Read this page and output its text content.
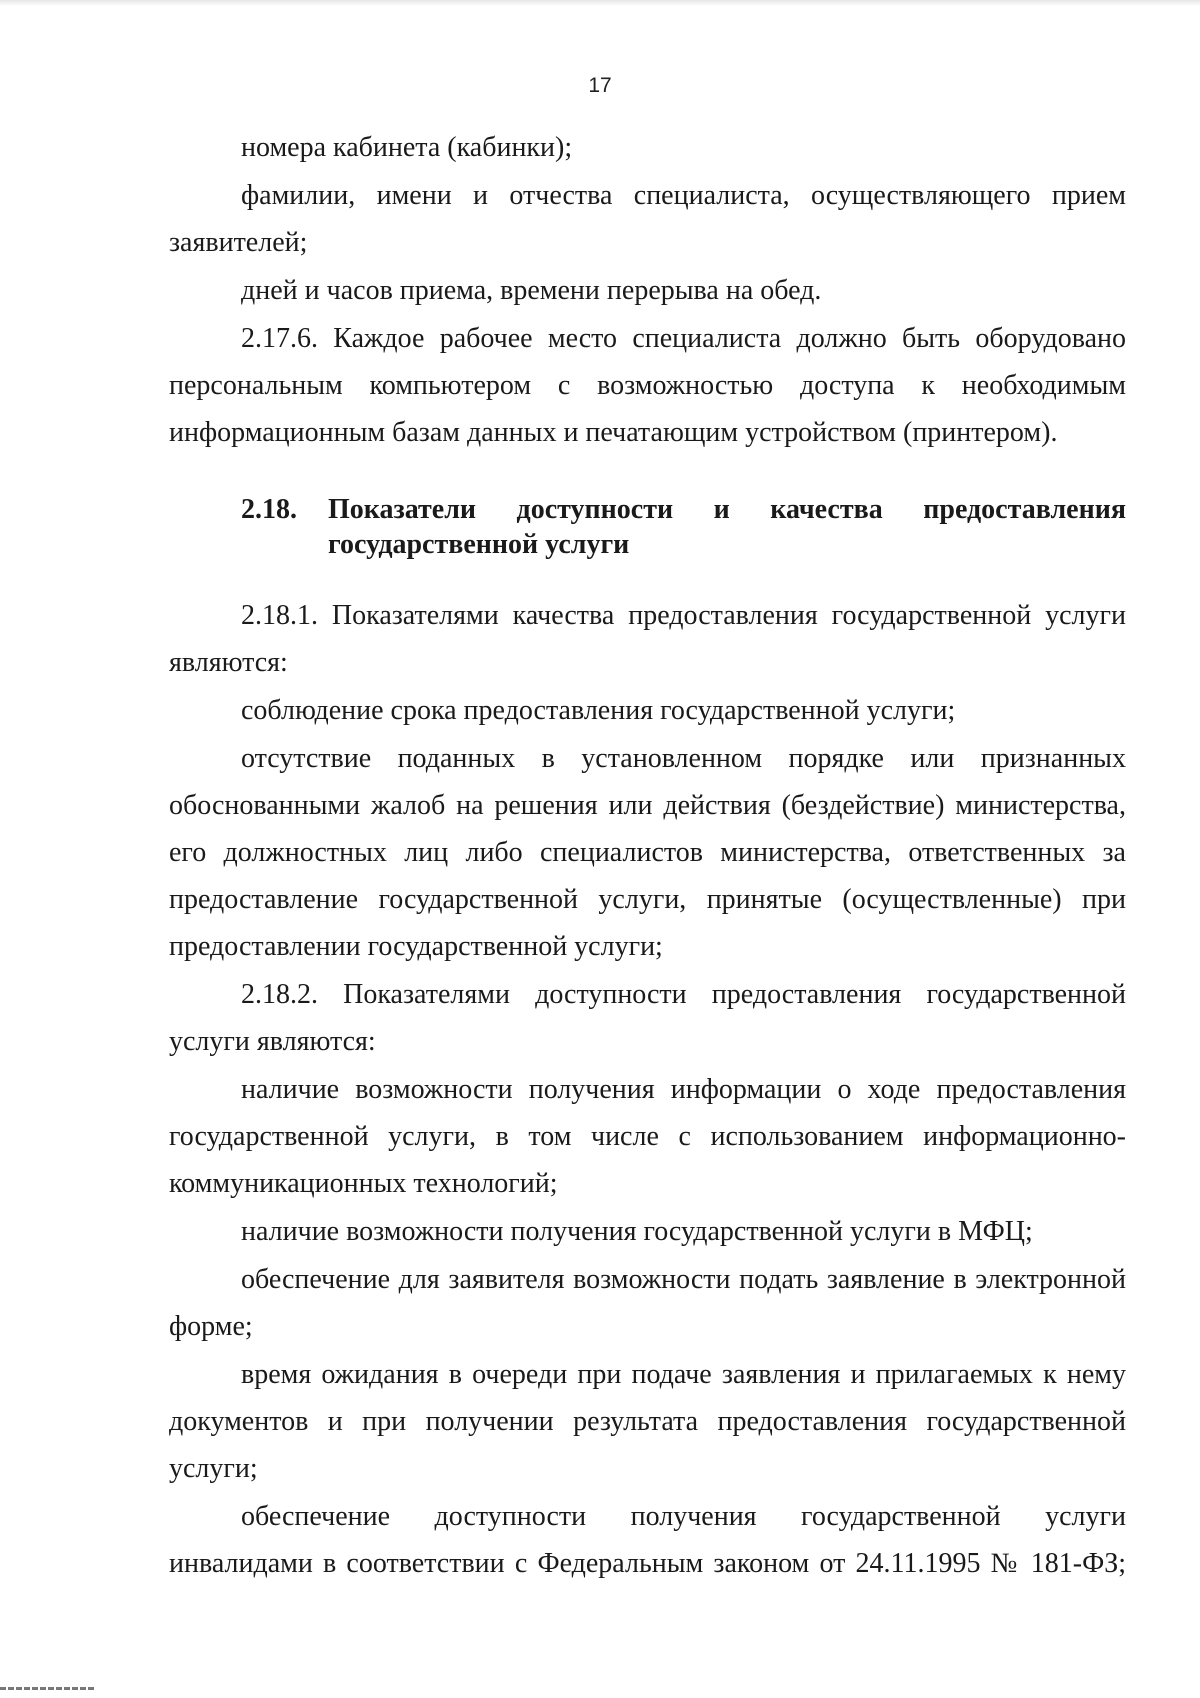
17

номера кабинета (кабинки);

фамилии, имени и отчества специалиста, осуществляющего прием заявителей;

дней и часов приема, времени перерыва на обед.

2.17.6. Каждое рабочее место специалиста должно быть оборудовано персональным компьютером с возможностью доступа к необходимым информационным базам данных и печатающим устройством (принтером).

2.18.	Показатели доступности и качества предоставления
государственной услуги

2.18.1. Показателями качества предоставления государственной услуги являются:

соблюдение срока предоставления государственной услуги;

отсутствие поданных в установленном порядке или признанных обоснованными жалоб на решения или действия (бездействие) министерства, его должностных лиц либо специалистов министерства, ответственных за предоставление государственной услуги, принятые (осуществленные) при предоставлении государственной услуги;

2.18.2. Показателями доступности предоставления государственной услуги являются:

наличие возможности получения информации о ходе предоставления государственной услуги, в том числе с использованием информационно-коммуникационных технологий;

наличие возможности получения государственной услуги в МФЦ;

обеспечение для заявителя возможности подать заявление в электронной форме;

время ожидания в очереди при подаче заявления и прилагаемых к нему документов и при получении результата предоставления государственной услуги;

обеспечение доступности получения государственной услуги инвалидами в соответствии с Федеральным законом от 24.11.1995 № 181-ФЗ;
